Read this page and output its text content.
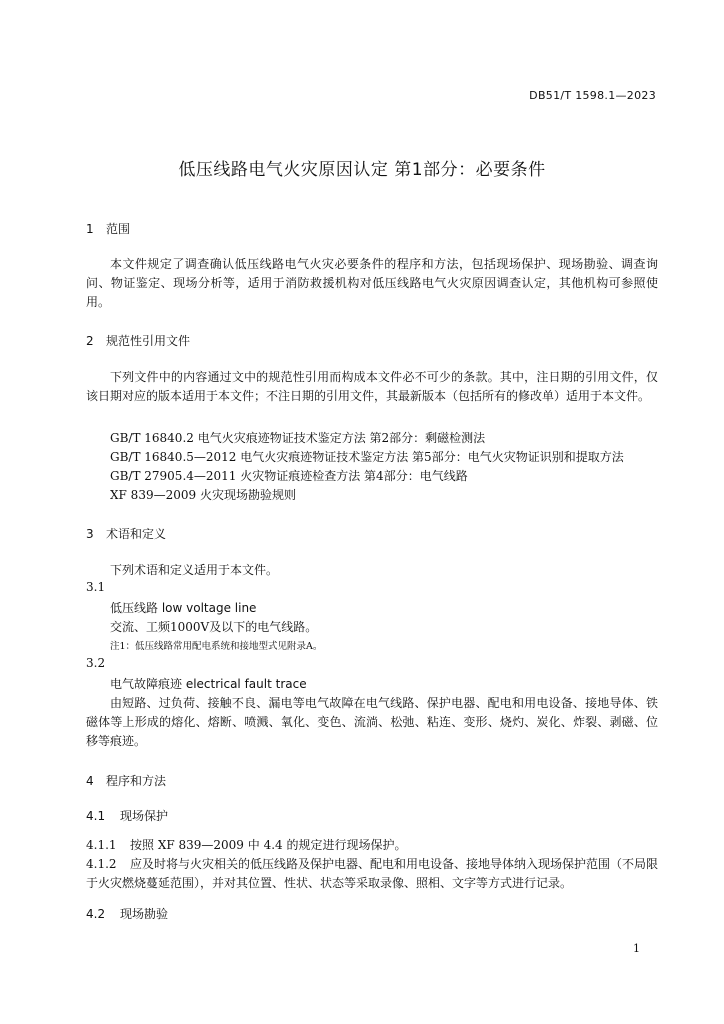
DB51/T 1598.1—2023
低压线路电气火灾原因认定 第1部分：必要条件
1 范围
本文件规定了调查确认低压线路电气火灾必要条件的程序和方法，包括现场保护、现场勘验、调查询问、物证鉴定、现场分析等，适用于消防救援机构对低压线路电气火灾原因调查认定，其他机构可参照使用。
2 规范性引用文件
下列文件中的内容通过文中的规范性引用而构成本文件必不可少的条款。其中，注日期的引用文件，仅该日期对应的版本适用于本文件；不注日期的引用文件，其最新版本（包括所有的修改单）适用于本文件。
GB/T 16840.2 电气火灾痕迹物证技术鉴定方法 第2部分：剩磁检测法
GB/T 16840.5—2012 电气火灾痕迹物证技术鉴定方法 第5部分：电气火灾物证识别和提取方法
GB/T 27905.4—2011 火灾物证痕迹检查方法 第4部分：电气线路
XF 839—2009 火灾现场勘验规则
3 术语和定义
下列术语和定义适用于本文件。
3.1
低压线路 low voltage line
交流、工频1000V及以下的电气线路。
注1：低压线路常用配电系统和接地型式见附录A。
3.2
电气故障痕迹 electrical fault trace
由短路、过负荷、接触不良、漏电等电气故障在电气线路、保护电器、配电和用电设备、接地导体、铁磁体等上形成的熔化、熔断、喷溅、氧化、变色、流淌、松弛、粘连、变形、烧灼、炭化、炸裂、剥磁、位移等痕迹。
4 程序和方法
4.1 现场保护
4.1.1 按照 XF 839—2009 中 4.4 的规定进行现场保护。
4.1.2 应及时将与火灾相关的低压线路及保护电器、配电和用电设备、接地导体纳入现场保护范围（不局限于火灾燃烧蔓延范围），并对其位置、性状、状态等采取录像、照相、文字等方式进行记录。
4.2 现场勘验
1
